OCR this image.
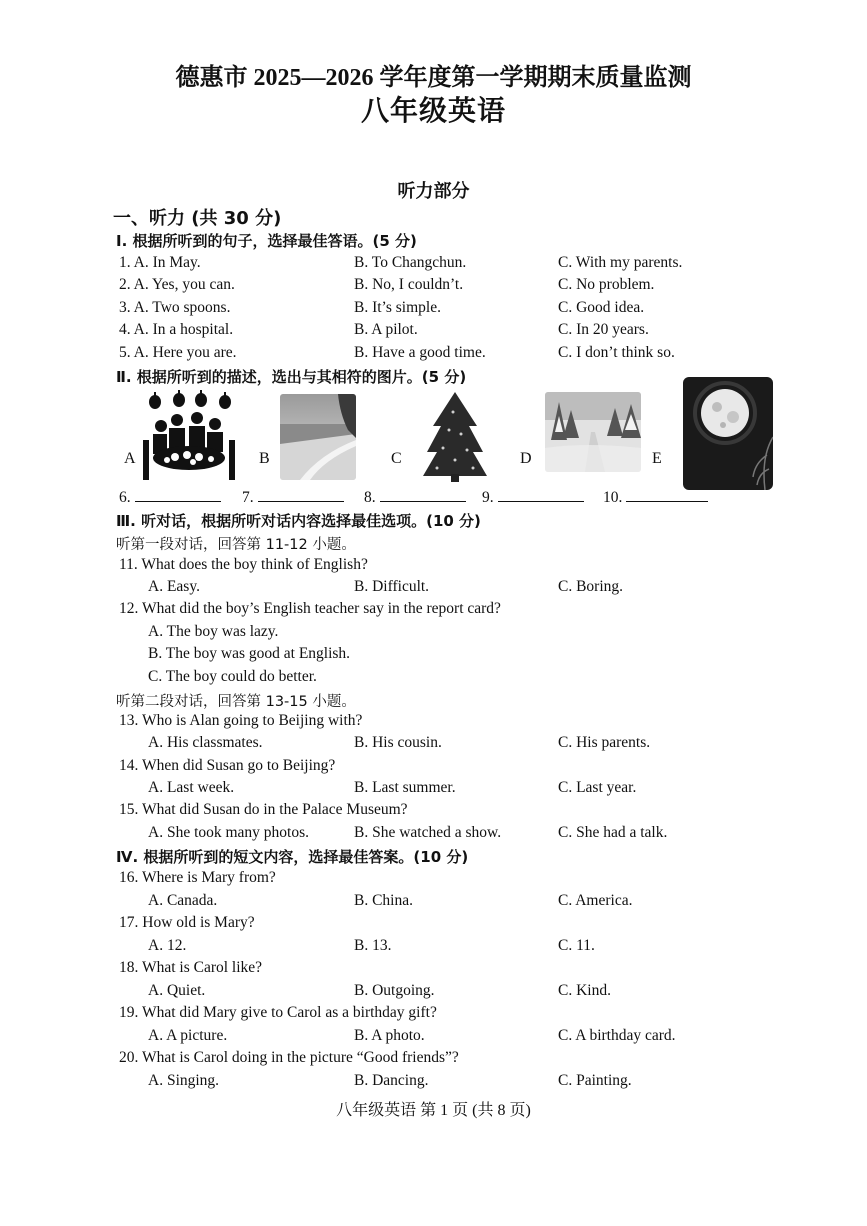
德惠市 2025—2026 学年度第一学期期末质量监测
八年级英语
听力部分
一、听力 (共 30 分)
Ⅰ. 根据所听到的句子，选择最佳答语。(5 分)
1. A. In May.	B. To Changchun.	C. With my parents.
2. A. Yes, you can.	B. No, I couldn’t.	C. No problem.
3. A. Two spoons.	B. It’s simple.	C. Good idea.
4. A. In a hospital.	B. A pilot.	C. In 20 years.
5. A. Here you are.	B. Have a good time.	C. I don’t think so.
Ⅱ. 根据所听到的描述，选出与其相符的图片。(5 分)
A	B	C	D	E
6.	7.	8.	9.	10.
Ⅲ. 听对话，根据所听对话内容选择最佳选项。(10 分)
听第一段对话，回答第 11-12 小题。
11. What does the boy think of English?
A. Easy.	B. Difficult.	C. Boring.
12. What did the boy’s English teacher say in the report card?
A. The boy was lazy.
B. The boy was good at English.
C. The boy could do better.
听第二段对话，回答第 13-15 小题。
13. Who is Alan going to Beijing with?
A. His classmates.	B. His cousin.	C. His parents.
14. When did Susan go to Beijing?
A. Last week.	B. Last summer.	C. Last year.
15. What did Susan do in the Palace Museum?
A. She took many photos.	B. She watched a show.	C. She had a talk.
Ⅳ. 根据所听到的短文内容，选择最佳答案。(10 分)
16. Where is Mary from?
A. Canada.	B. China.	C. America.
17. How old is Mary?
A. 12.	B. 13.	C. 11.
18. What is Carol like?
A. Quiet.	B. Outgoing.	C. Kind.
19. What did Mary give to Carol as a birthday gift?
A. A picture.	B. A photo.	C. A birthday card.
20. What is Carol doing in the picture “Good friends”?
A. Singing.	B. Dancing.	C. Painting.
八年级英语 第 1 页 (共 8 页)
